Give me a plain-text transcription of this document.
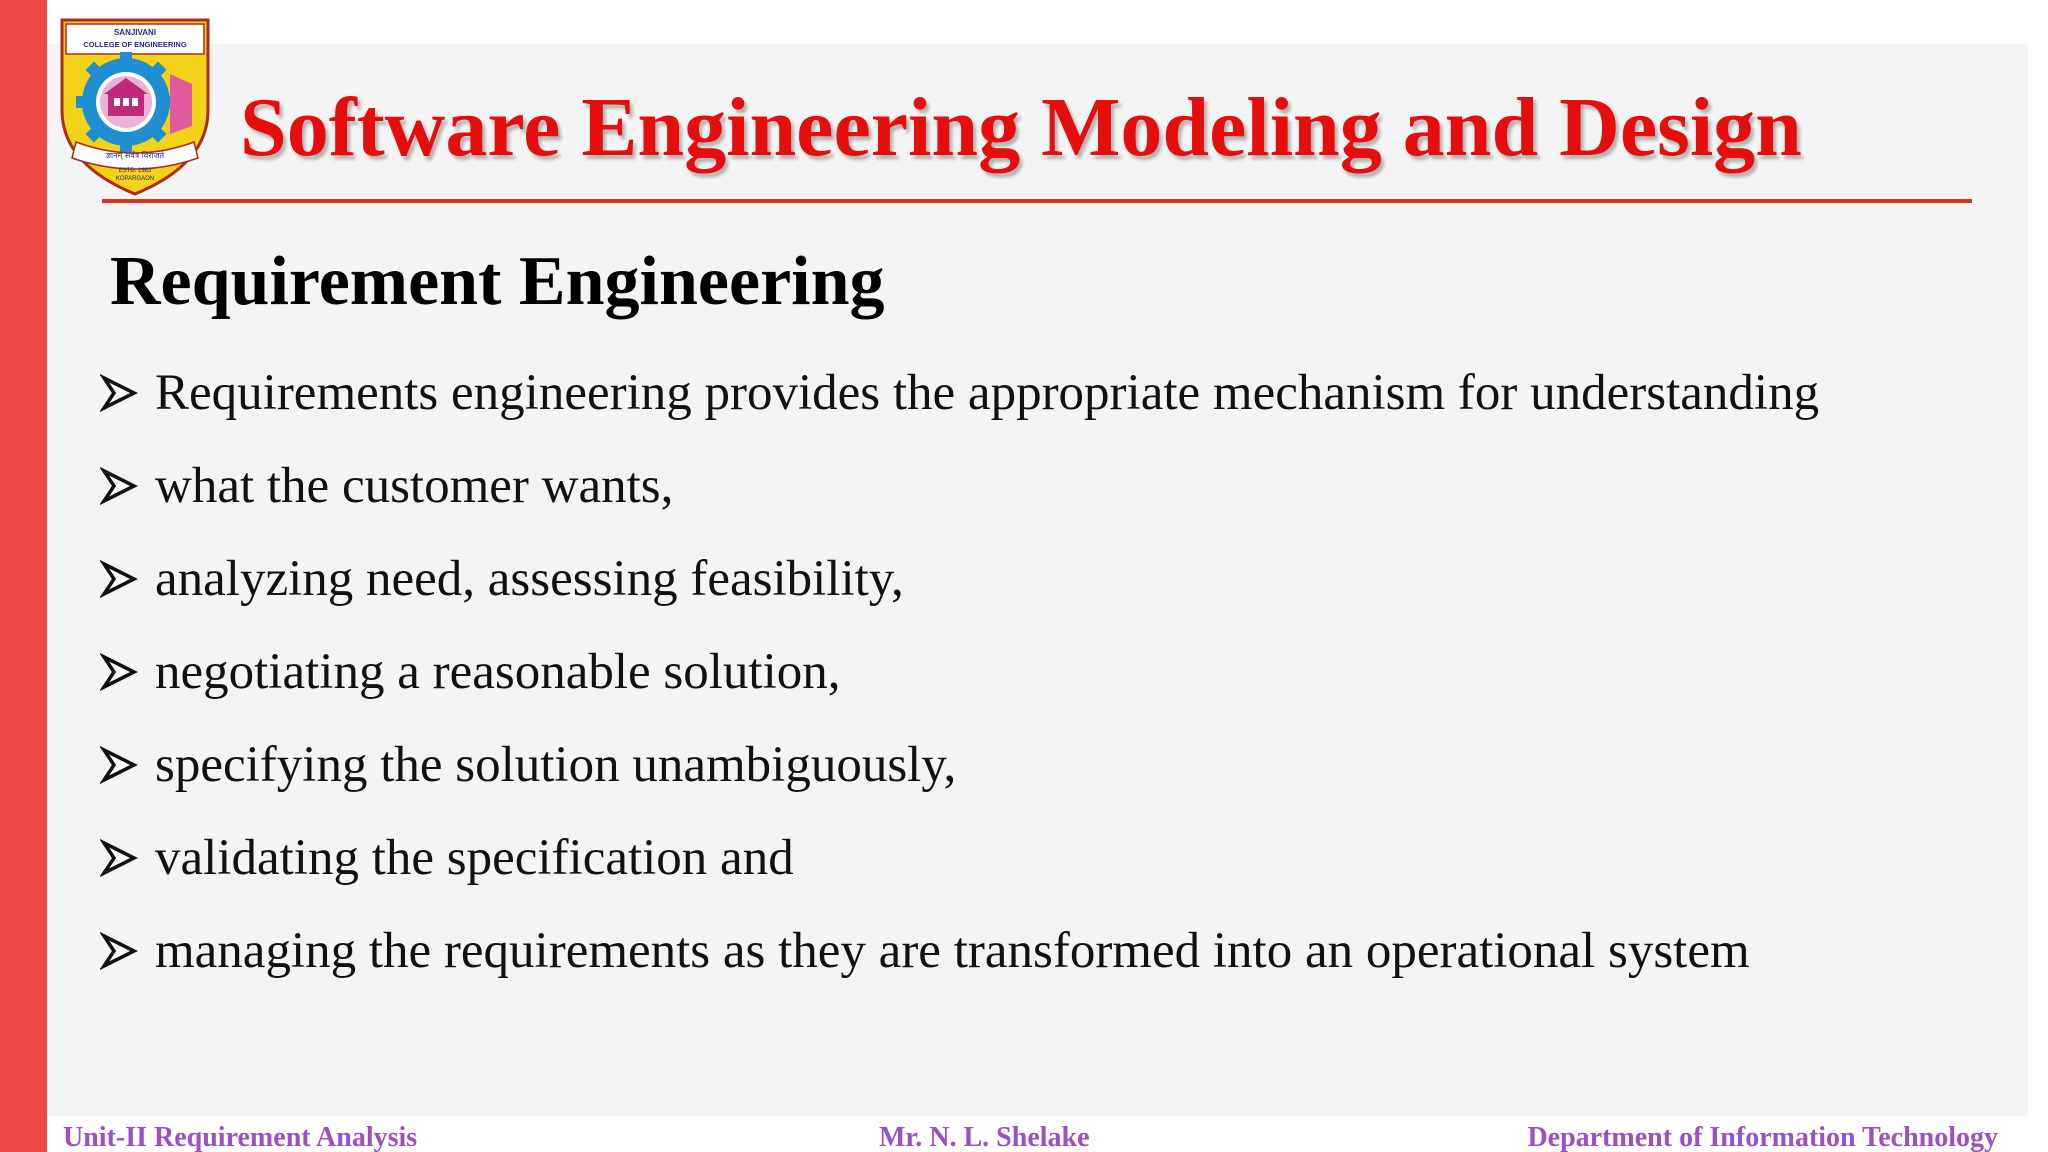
SANJIVANI
COLLEGE OF ENGINEERING
ज्ञानम् सर्वत्र विराजते
ESTD. 1983
KOPARGAON
Software Engineering Modeling and Design
Requirement Engineering
Requirements engineering provides the appropriate mechanism for understanding
what the customer wants,
analyzing need, assessing feasibility,
negotiating a reasonable solution,
specifying the solution unambiguously,
validating the specification and
managing the requirements as they are transformed into an operational system
Unit-II Requirement Analysis	Mr. N. L. Shelake	Department of Information Technology
